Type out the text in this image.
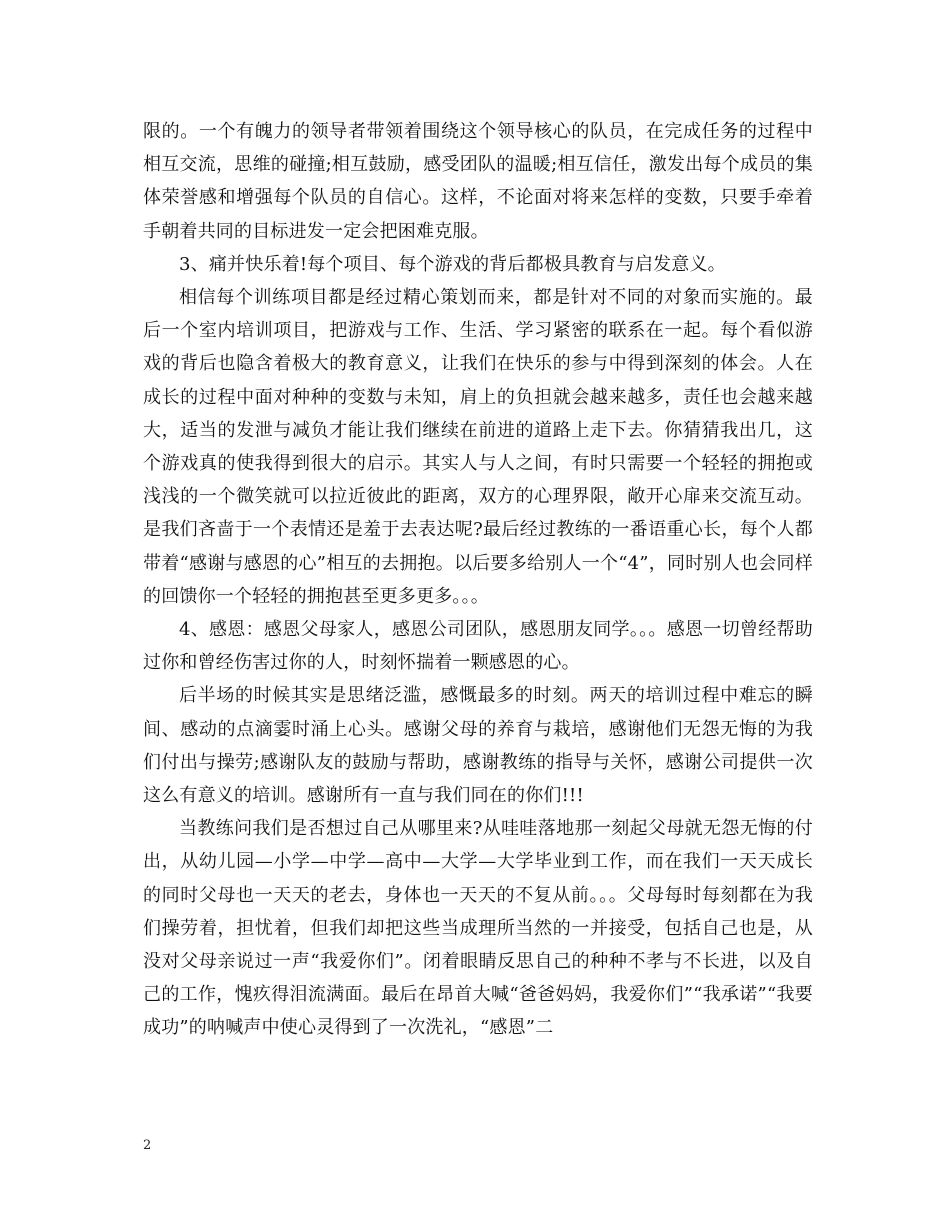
限的。一个有魄力的领导者带领着围绕这个领导核心的队员，在完成任务的过程中相互交流，思维的碰撞;相互鼓励，感受团队的温暖;相互信任，激发出每个成员的集体荣誉感和增强每个队员的自信心。这样，不论面对将来怎样的变数，只要手牵着手朝着共同的目标进发一定会把困难克服。

3、痛并快乐着!每个项目、每个游戏的背后都极具教育与启发意义。

相信每个训练项目都是经过精心策划而来，都是针对不同的对象而实施的。最后一个室内培训项目，把游戏与工作、生活、学习紧密的联系在一起。每个看似游戏的背后也隐含着极大的教育意义，让我们在快乐的参与中得到深刻的体会。人在成长的过程中面对种种的变数与未知，肩上的负担就会越来越多，责任也会越来越大，适当的发泄与减负才能让我们继续在前进的道路上走下去。你猜猜我出几，这个游戏真的使我得到很大的启示。其实人与人之间，有时只需要一个轻轻的拥抱或浅浅的一个微笑就可以拉近彼此的距离，双方的心理界限，敞开心扉来交流互动。是我们吝啬于一个表情还是羞于去表达呢?最后经过教练的一番语重心长，每个人都带着“感谢与感恩的心”相互的去拥抱。以后要多给别人一个“4”，同时别人也会同样的回馈你一个轻轻的拥抱甚至更多更多。。。

4、感恩：感恩父母家人，感恩公司团队，感恩朋友同学。。。感恩一切曾经帮助过你和曾经伤害过你的人，时刻怀揣着一颗感恩的心。

后半场的时候其实是思绪泛滥，感慨最多的时刻。两天的培训过程中难忘的瞬间、感动的点滴霎时涌上心头。感谢父母的养育与栽培，感谢他们无怨无悔的为我们付出与操劳;感谢队友的鼓励与帮助，感谢教练的指导与关怀，感谢公司提供一次这么有意义的培训。感谢所有一直与我们同在的你们!!!

当教练问我们是否想过自己从哪里来?从哇哇落地那一刻起父母就无怨无悔的付出，从幼儿园—小学—中学—高中—大学—大学毕业到工作，而在我们一天天成长的同时父母也一天天的老去，身体也一天天的不复从前。。。父母每时每刻都在为我们操劳着，担忧着，但我们却把这些当成理所当然的一并接受，包括自己也是，从没对父母亲说过一声“我爱你们”。闭着眼睛反思自己的种种不孝与不长进，以及自己的工作，愧疚得泪流满面。最后在昂首大喊“爸爸妈妈，我爱你们”“我承诺”“我要成功”的呐喊声中使心灵得到了一次洗礼，“感恩”二

2
